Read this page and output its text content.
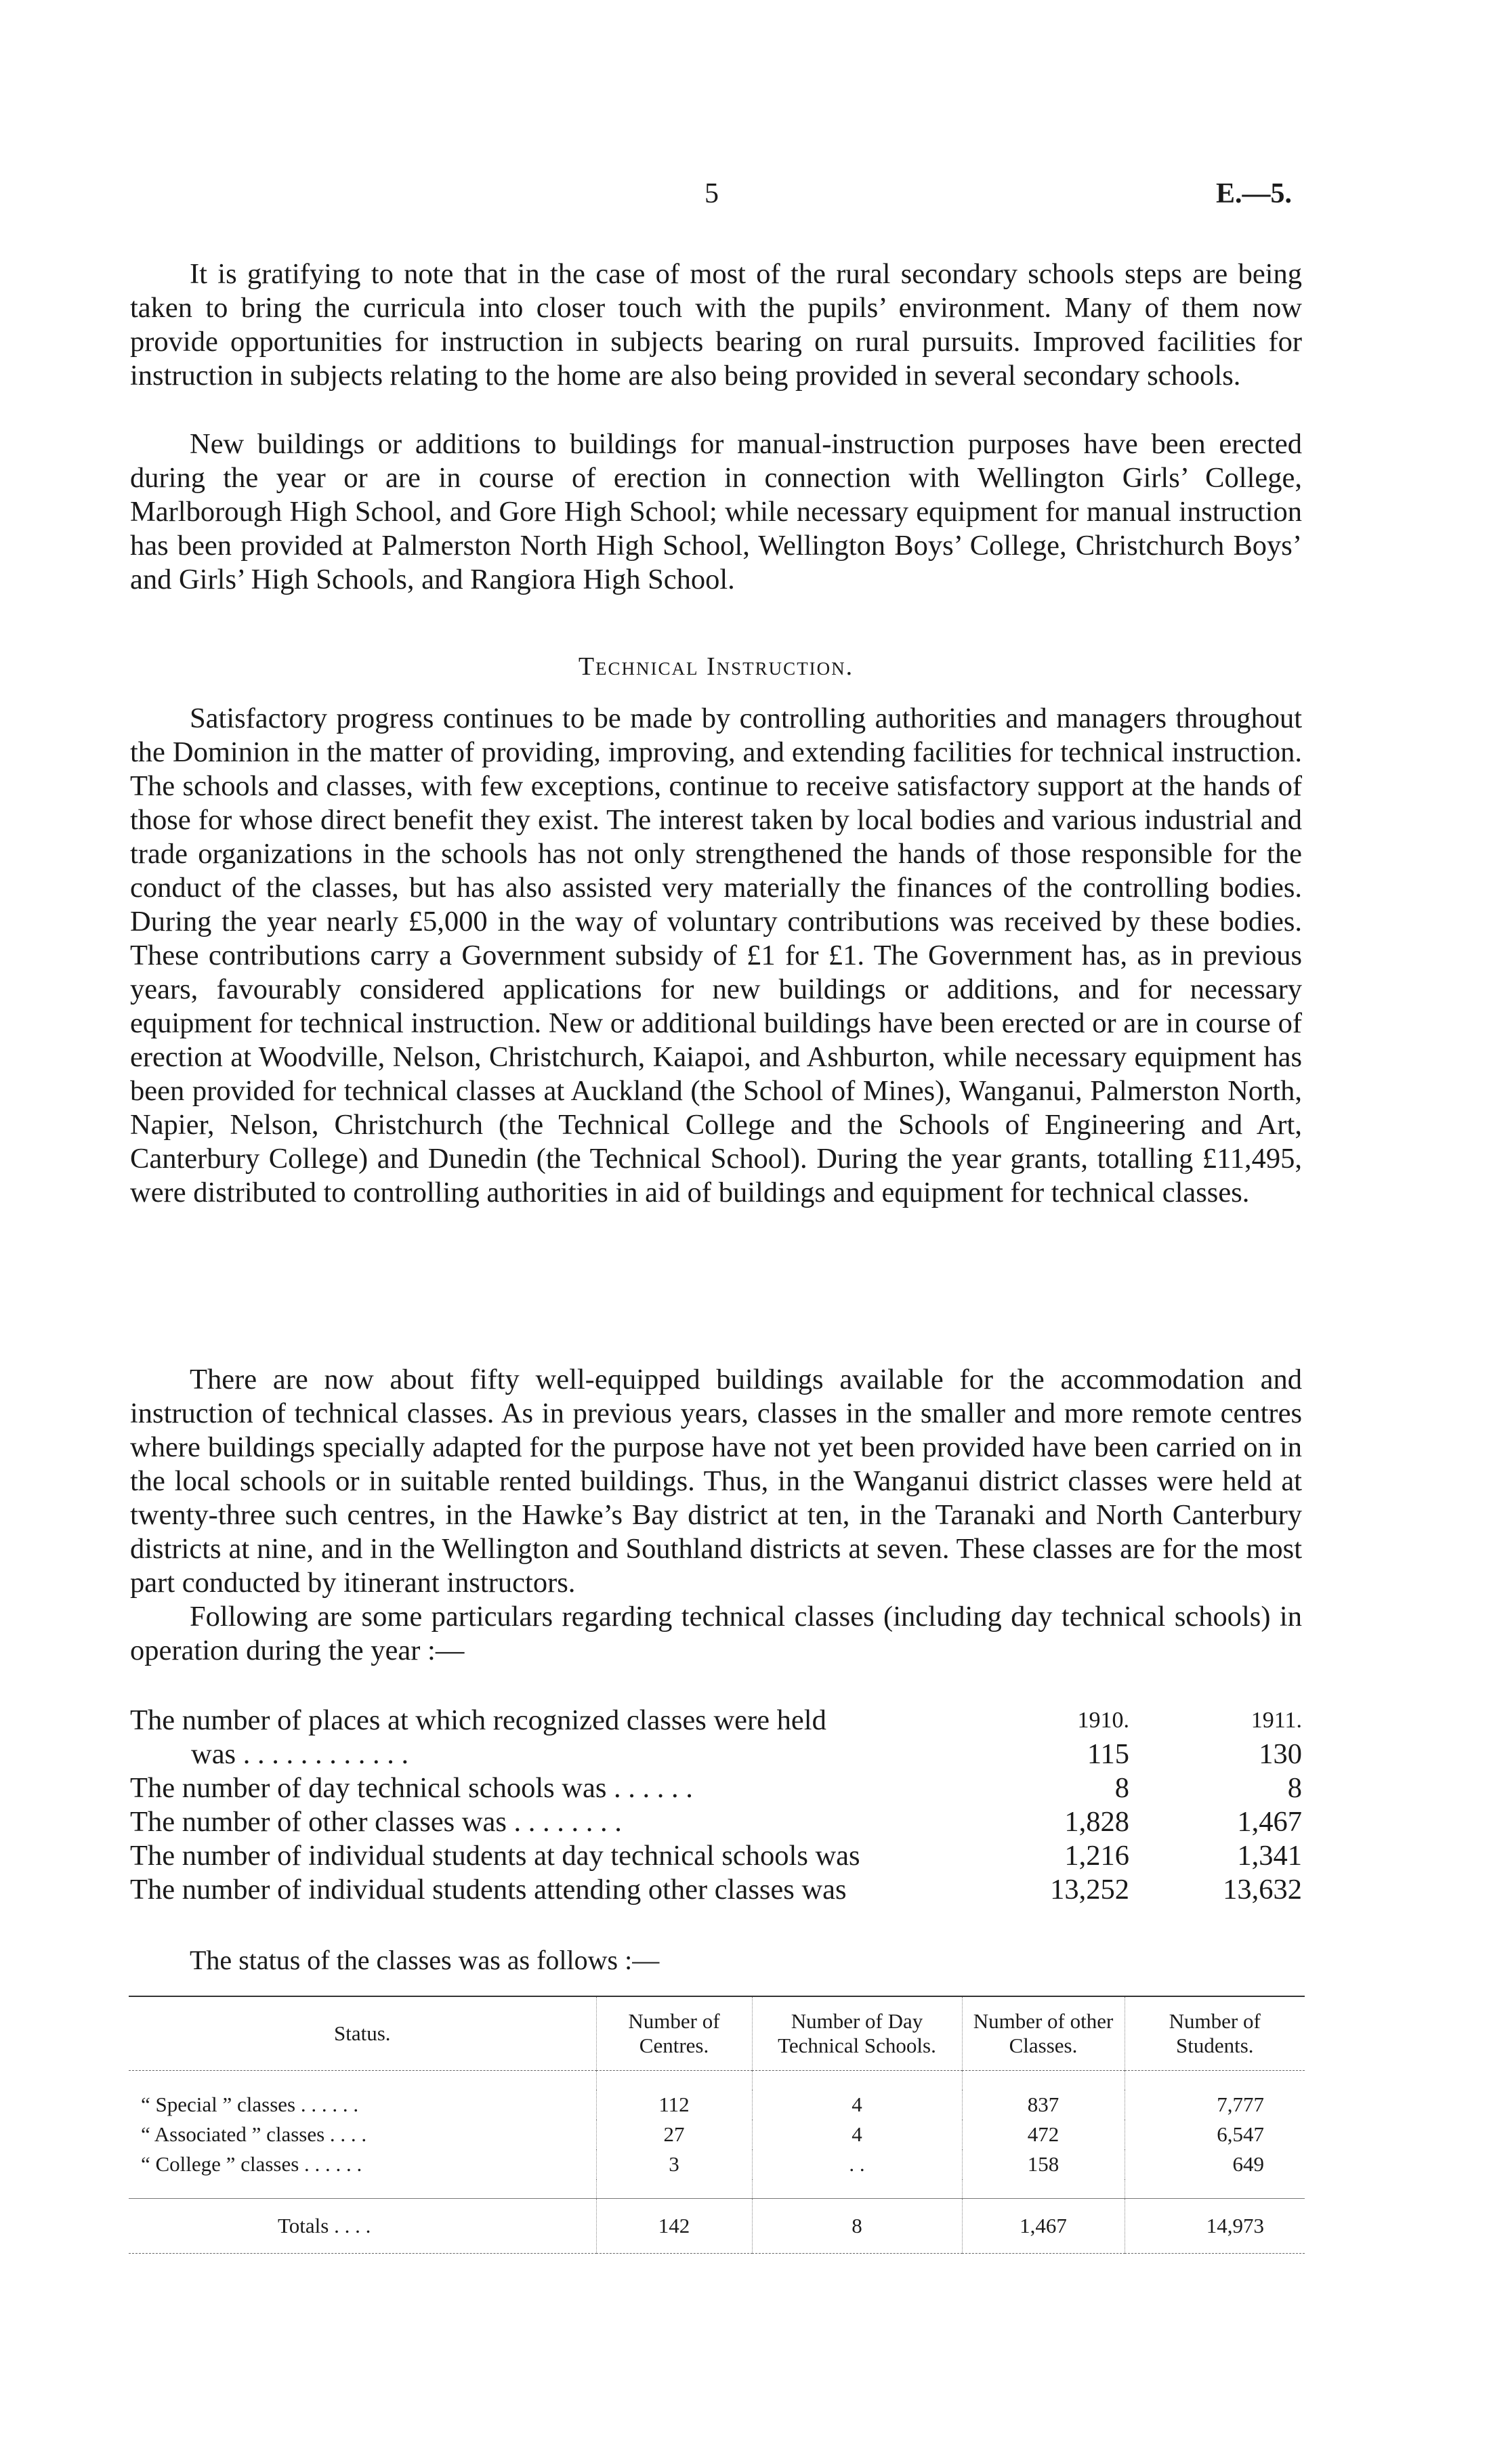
5	E.—5.

It is gratifying to note that in the case of most of the rural secondary schools steps are being taken to bring the curricula into closer touch with the pupils’ environment. Many of them now provide opportunities for instruction in subjects bearing on rural pursuits. Improved facilities for instruction in subjects relating to the home are also being provided in several secondary schools.

New buildings or additions to buildings for manual-instruction purposes have been erected during the year or are in course of erection in connection with Wellington Girls’ College, Marlborough High School, and Gore High School; while necessary equipment for manual instruction has been provided at Palmerston North High School, Wellington Boys’ College, Christchurch Boys’ and Girls’ High Schools, and Rangiora High School.

Technical Instruction.

Satisfactory progress continues to be made by controlling authorities and managers throughout the Dominion in the matter of providing, improving, and extending facilities for technical instruction. The schools and classes, with few exceptions, continue to receive satisfactory support at the hands of those for whose direct benefit they exist. The interest taken by local bodies and various industrial and trade organizations in the schools has not only strengthened the hands of those responsible for the conduct of the classes, but has also assisted very materially the finances of the controlling bodies. During the year nearly £5,000 in the way of voluntary contributions was received by these bodies. These contributions carry a Government subsidy of £1 for £1. The Government has, as in previous years, favourably considered applications for new buildings or additions, and for necessary equipment for technical instruction. New or additional buildings have been erected or are in course of erection at Woodville, Nelson, Christchurch, Kaiapoi, and Ashburton, while necessary equipment has been provided for technical classes at Auckland (the School of Mines), Wanganui, Palmerston North, Napier, Nelson, Christchurch (the Technical College and the Schools of Engineering and Art, Canterbury College) and Dunedin (the Technical School). During the year grants, totalling £11,495, were distributed to controlling authorities in aid of buildings and equipment for technical classes.

There are now about fifty well-equipped buildings available for the accommodation and instruction of technical classes. As in previous years, classes in the smaller and more remote centres where buildings specially adapted for the purpose have not yet been provided have been carried on in the local schools or in suitable rented buildings. Thus, in the Wanganui district classes were held at twenty-three such centres, in the Hawke’s Bay district at ten, in the Taranaki and North Canterbury districts at nine, and in the Wellington and Southland districts at seven. These classes are for the most part conducted by itinerant instructors.

Following are some particulars regarding technical classes (including day technical schools) in operation during the year :—

The number of places at which recognized classes were held	1910.	1911.
was . . . . . . . . . . . .	115	130
The number of day technical schools was . . . . . .	8	8
The number of other classes was . . . . . . . .	1,828	1,467
The number of individual students at day technical schools was	1,216	1,341
The number of individual students attending other classes was	13,252	13,632
The status of the classes was as follows :—
Status.	Number of Centres.	Number of Day Technical Schools.	Number of other Classes.	Number of Students.

“ Special ” classes . . . . . .	112	4	837	7,777
“ Associated ” classes . . . .	27	4	472	6,547
“ College ” classes . . . . . .	3	. .	158	649

Totals . . . .	142	8	1,467	14,973
